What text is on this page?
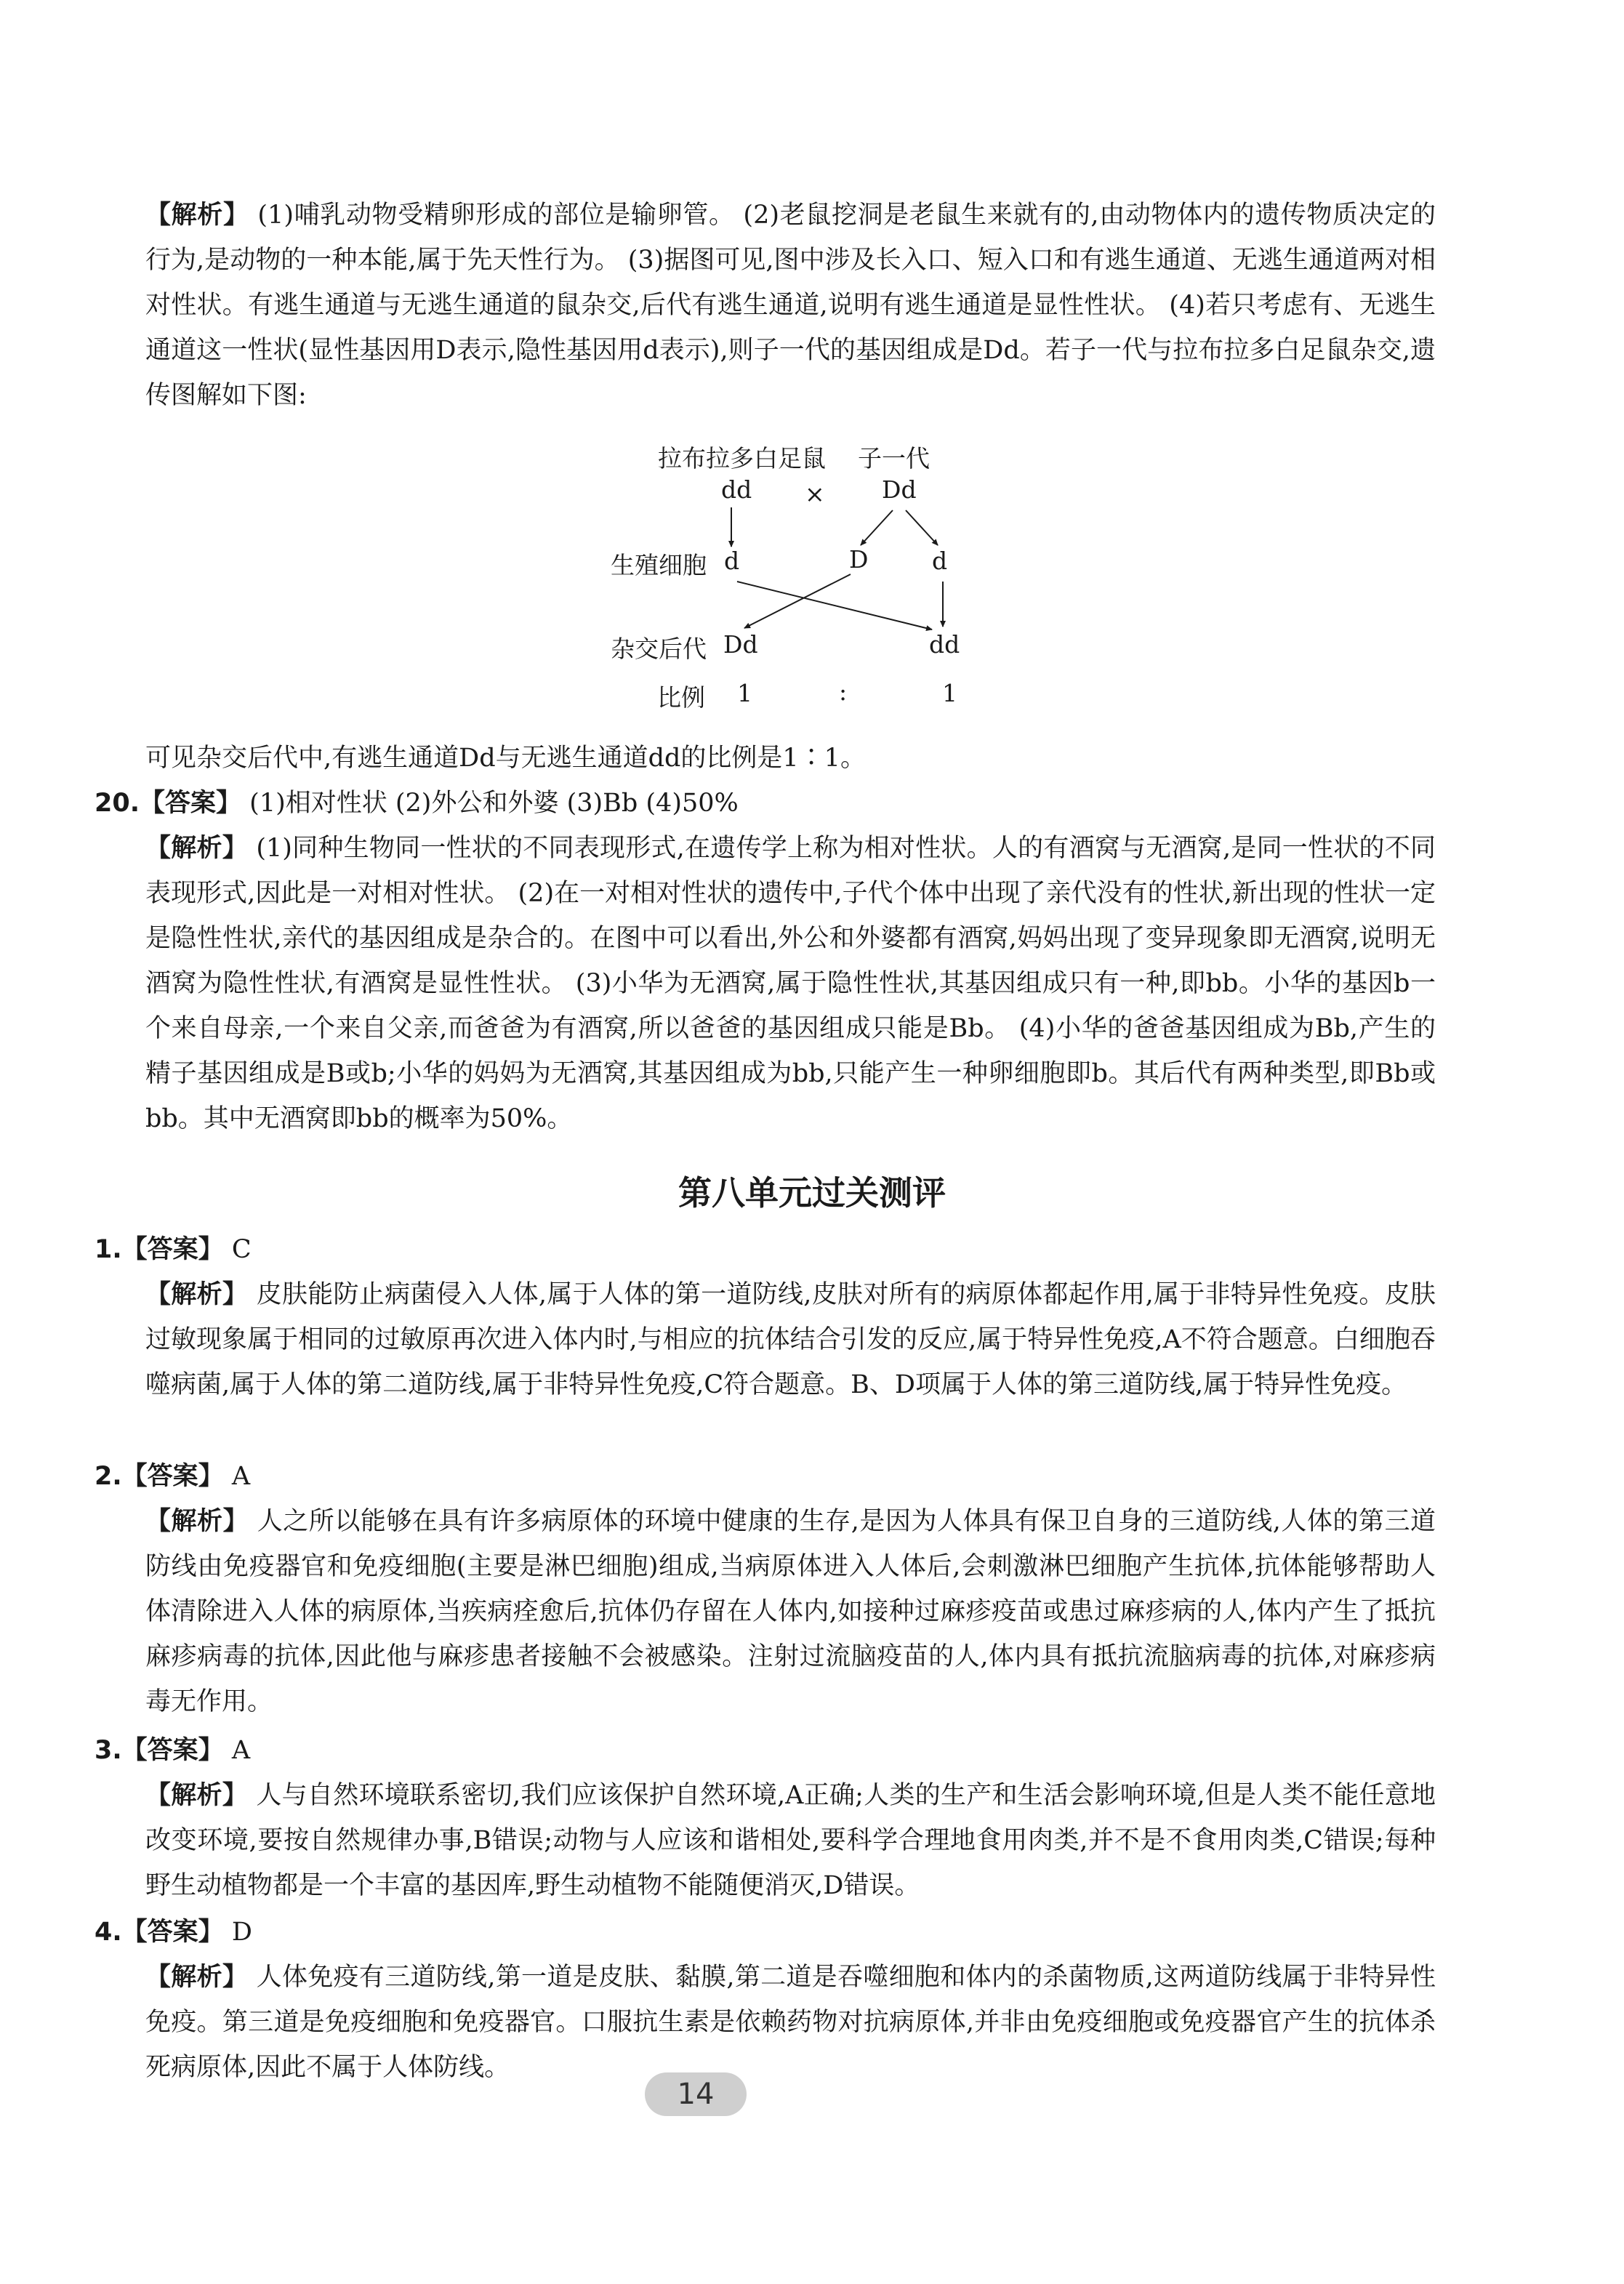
【解析】 (1)哺乳动物受精卵形成的部位是输卵管。 (2)老鼠挖洞是老鼠生来就有的,由动物体内的遗传物质决定的行为,是动物的一种本能,属于先天性行为。 (3)据图可见,图中涉及长入口、短入口和有逃生通道、无逃生通道两对相对性状。有逃生通道与无逃生通道的鼠杂交,后代有逃生通道,说明有逃生通道是显性性状。 (4)若只考虑有、无逃生通道这一性状(显性基因用D表示,隐性基因用d表示),则子一代的基因组成是Dd。若子一代与拉布拉多白足鼠杂交,遗传图解如下图:
拉布拉多白足鼠 子一代
dd × Dd
生殖细胞 d	D	d
杂交后代 Dd	dd
比例 1	:	1
可见杂交后代中,有逃生通道Dd与无逃生通道dd的比例是1∶1。
20.【答案】 (1)相对性状 (2)外公和外婆 (3)Bb (4)50%
【解析】 (1)同种生物同一性状的不同表现形式,在遗传学上称为相对性状。人的有酒窝与无酒窝,是同一性状的不同表现形式,因此是一对相对性状。 (2)在一对相对性状的遗传中,子代个体中出现了亲代没有的性状,新出现的性状一定是隐性性状,亲代的基因组成是杂合的。在图中可以看出,外公和外婆都有酒窝,妈妈出现了变异现象即无酒窝,说明无酒窝为隐性性状,有酒窝是显性性状。 (3)小华为无酒窝,属于隐性性状,其基因组成只有一种,即bb。小华的基因b一个来自母亲,一个来自父亲,而爸爸为有酒窝,所以爸爸的基因组成只能是Bb。 (4)小华的爸爸基因组成为Bb,产生的精子基因组成是B或b;小华的妈妈为无酒窝,其基因组成为bb,只能产生一种卵细胞即b。其后代有两种类型,即Bb或bb。其中无酒窝即bb的概率为50%。
第八单元过关测评
1.【答案】 C
【解析】 皮肤能防止病菌侵入人体,属于人体的第一道防线,皮肤对所有的病原体都起作用,属于非特异性免疫。皮肤过敏现象属于相同的过敏原再次进入体内时,与相应的抗体结合引发的反应,属于特异性免疫,A不符合题意。白细胞吞噬病菌,属于人体的第二道防线,属于非特异性免疫,C符合题意。B、D项属于人体的第三道防线,属于特异性免疫。
2.【答案】 A
【解析】 人之所以能够在具有许多病原体的环境中健康的生存,是因为人体具有保卫自身的三道防线,人体的第三道防线由免疫器官和免疫细胞(主要是淋巴细胞)组成,当病原体进入人体后,会刺激淋巴细胞产生抗体,抗体能够帮助人体清除进入人体的病原体,当疾病痊愈后,抗体仍存留在人体内,如接种过麻疹疫苗或患过麻疹病的人,体内产生了抵抗麻疹病毒的抗体,因此他与麻疹患者接触不会被感染。注射过流脑疫苗的人,体内具有抵抗流脑病毒的抗体,对麻疹病毒无作用。
3.【答案】 A
【解析】 人与自然环境联系密切,我们应该保护自然环境,A正确;人类的生产和生活会影响环境,但是人类不能任意地改变环境,要按自然规律办事,B错误;动物与人应该和谐相处,要科学合理地食用肉类,并不是不食用肉类,C错误;每种野生动植物都是一个丰富的基因库,野生动植物不能随便消灭,D错误。
4.【答案】 D
【解析】 人体免疫有三道防线,第一道是皮肤、黏膜,第二道是吞噬细胞和体内的杀菌物质,这两道防线属于非特异性免疫。第三道是免疫细胞和免疫器官。口服抗生素是依赖药物对抗病原体,并非由免疫细胞或免疫器官产生的抗体杀死病原体,因此不属于人体防线。
14
